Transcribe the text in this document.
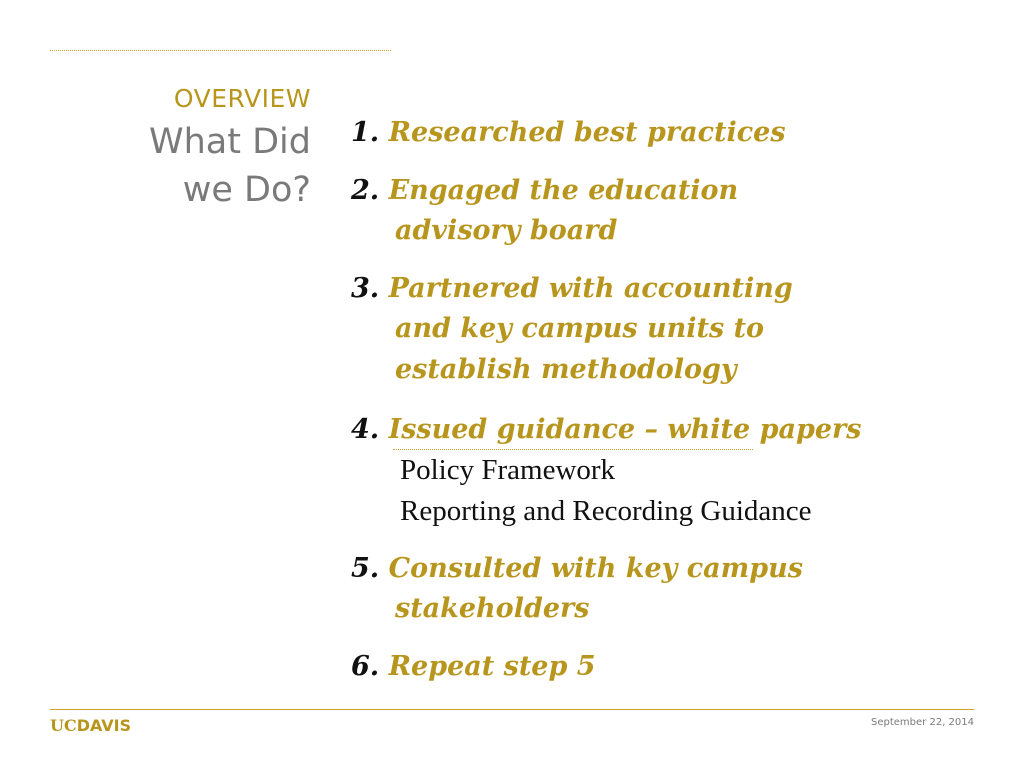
OVERVIEW
What Did
we Do?
1. Researched best practices
2. Engaged the education
advisory board
3. Partnered with accounting
and key campus units to
establish methodology
4. Issued guidance – white papers
Policy Framework
Reporting and Recording Guidance
5. Consulted with key campus
stakeholders
6. Repeat step 5
UCDAVIS	September 22, 2014
